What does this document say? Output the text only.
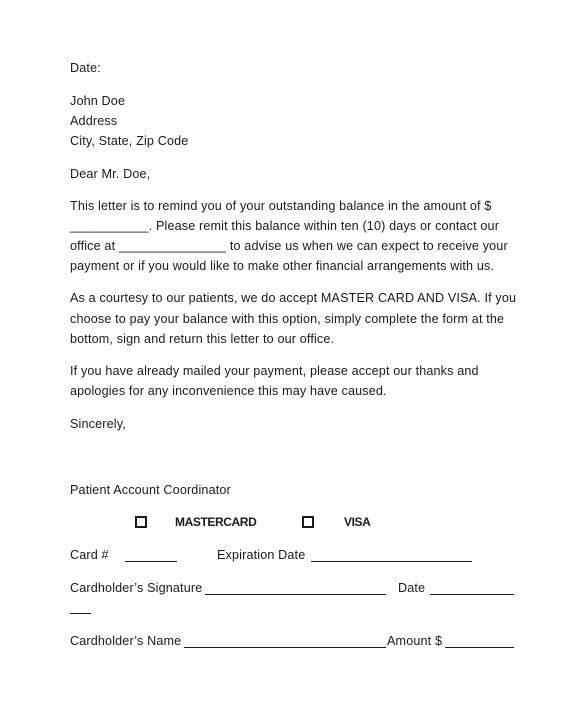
Date:
John Doe
Address
City, State, Zip Code
Dear Mr. Doe,
This letter is to remind you of your outstanding balance in the amount of $
___________. Please remit this balance within ten (10) days or contact our
office at _______________ to advise us when we can expect to receive your
payment or if you would like to make other financial arrangements with us.
As a courtesy to our patients, we do accept MASTER CARD AND VISA. If you
choose to pay your balance with this option, simply complete the form at the
bottom, sign and return this letter to our office.
If you have already mailed your payment, please accept our thanks and
apologies for any inconvenience this may have caused.
Sincerely,
Patient Account Coordinator
MASTERCARD	VISA
Card #	Expiration Date
Cardholder’s Signature	Date
Cardholder’s Name	Amount $
